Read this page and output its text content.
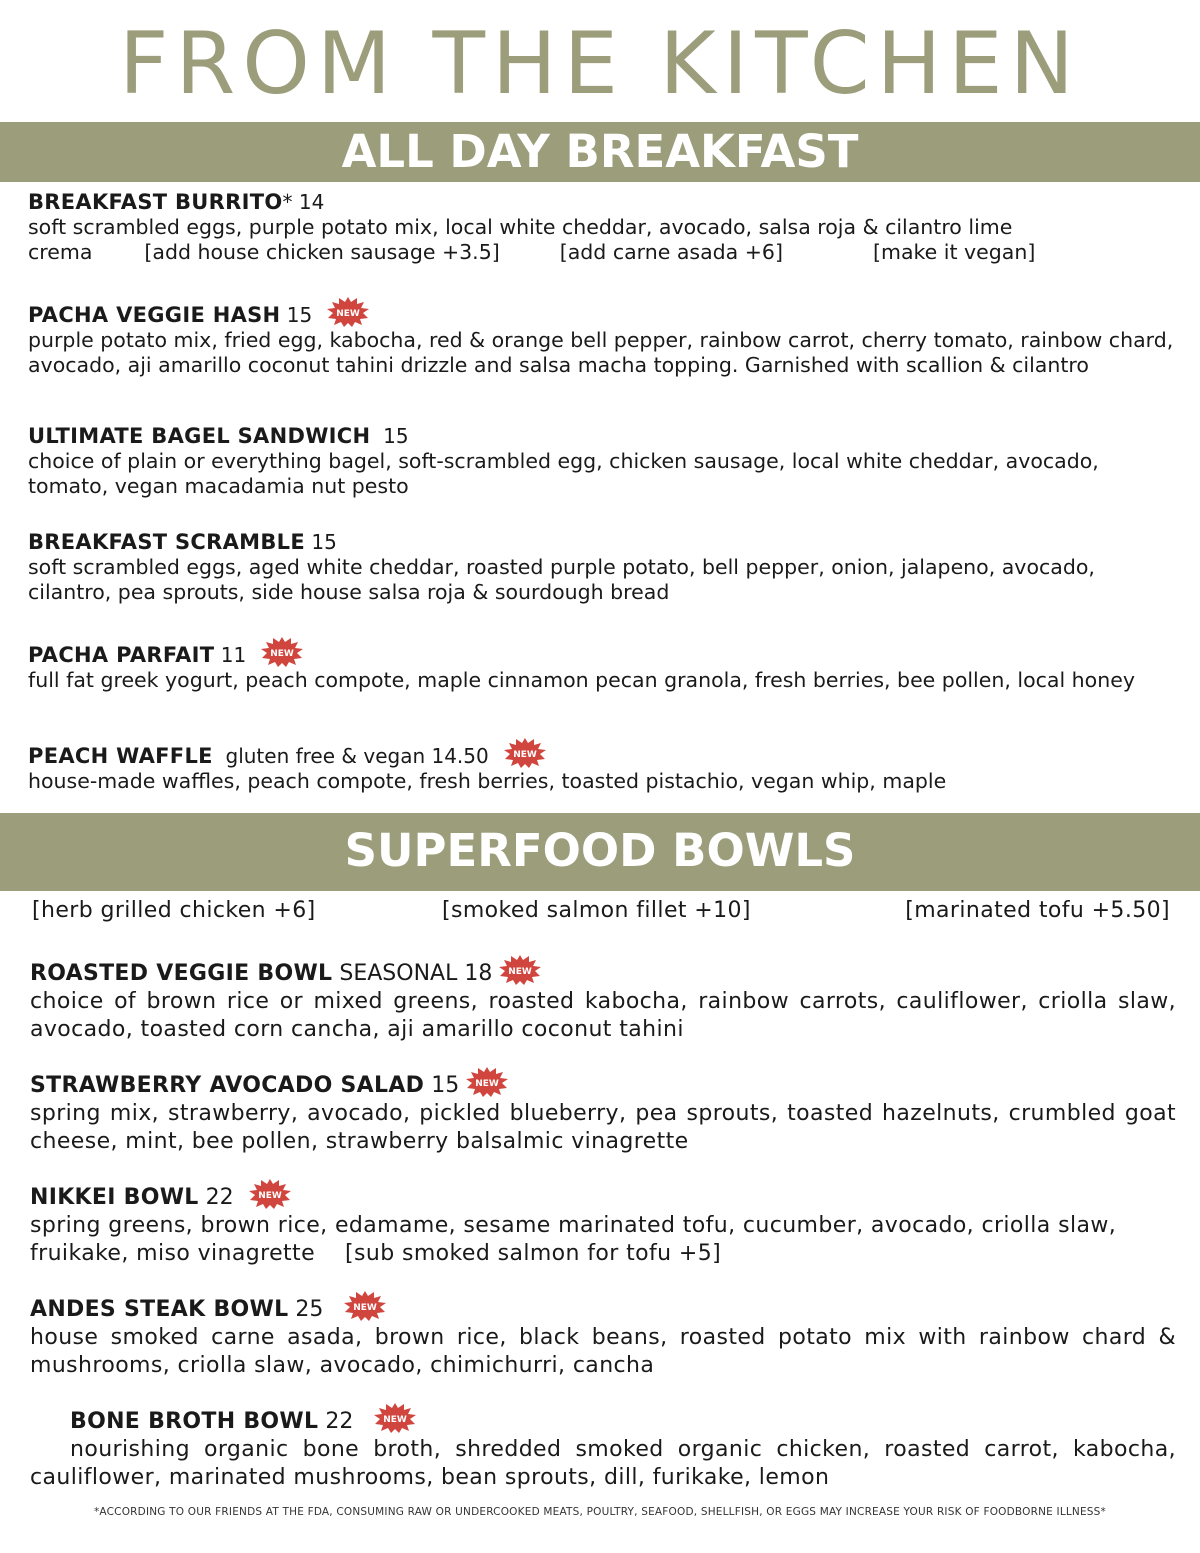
FROM THE KITCHEN
ALL DAY BREAKFAST
BREAKFAST BURRITO* 14
soft scrambled eggs, purple potato mix, local white cheddar, avocado, salsa roja & cilantro lime crema	[add house chicken sausage +3.5]	[add carne asada +6]	[make it vegan]
PACHA VEGGIE HASH 15	NEW
purple potato mix, fried egg, kabocha, red & orange bell pepper, rainbow carrot, cherry tomato, rainbow chard, avocado, aji amarillo coconut tahini drizzle and salsa macha topping. Garnished with scallion & cilantro
ULTIMATE BAGEL SANDWICH 15
choice of plain or everything bagel, soft-scrambled egg, chicken sausage, local white cheddar, avocado, tomato, vegan macadamia nut pesto
BREAKFAST SCRAMBLE 15
soft scrambled eggs, aged white cheddar, roasted purple potato, bell pepper, onion, jalapeno, avocado, cilantro, pea sprouts, side house salsa roja & sourdough bread
PACHA PARFAIT 11	NEW
full fat greek yogurt, peach compote, maple cinnamon pecan granola, fresh berries, bee pollen, local honey
PEACH WAFFLE gluten free & vegan 14.50	NEW
house-made waffles, peach compote, fresh berries, toasted pistachio, vegan whip, maple
SUPERFOOD BOWLS
[herb grilled chicken +6]	[smoked salmon fillet +10]	[marinated tofu +5.50]
ROASTED VEGGIE BOWL SEASONAL 18 NEW
choice of brown rice or mixed greens, roasted kabocha, rainbow carrots, cauliflower, criolla slaw, avocado, toasted corn cancha, aji amarillo coconut tahini
STRAWBERRY AVOCADO SALAD 15 NEW
spring mix, strawberry, avocado, pickled blueberry, pea sprouts, toasted hazelnuts, crumbled goat cheese, mint, bee pollen, strawberry balsalmic vinagrette
NIKKEI BOWL 22	NEW
spring greens, brown rice, edamame, sesame marinated tofu, cucumber, avocado, criolla slaw, fruikake, miso vinagrette [sub smoked salmon for tofu +5]
ANDES STEAK BOWL 25	NEW
house smoked carne asada, brown rice, black beans, roasted potato mix with rainbow chard & mushrooms, criolla slaw, avocado, chimichurri, cancha
BONE BROTH BOWL 22	NEW
nourishing organic bone broth, shredded smoked organic chicken, roasted carrot, kabocha, cauliflower, marinated mushrooms, bean sprouts, dill, furikake, lemon
*ACCORDING TO OUR FRIENDS AT THE FDA, CONSUMING RAW OR UNDERCOOKED MEATS, POULTRY, SEAFOOD, SHELLFISH, OR EGGS MAY INCREASE YOUR RISK OF FOODBORNE ILLNESS*
